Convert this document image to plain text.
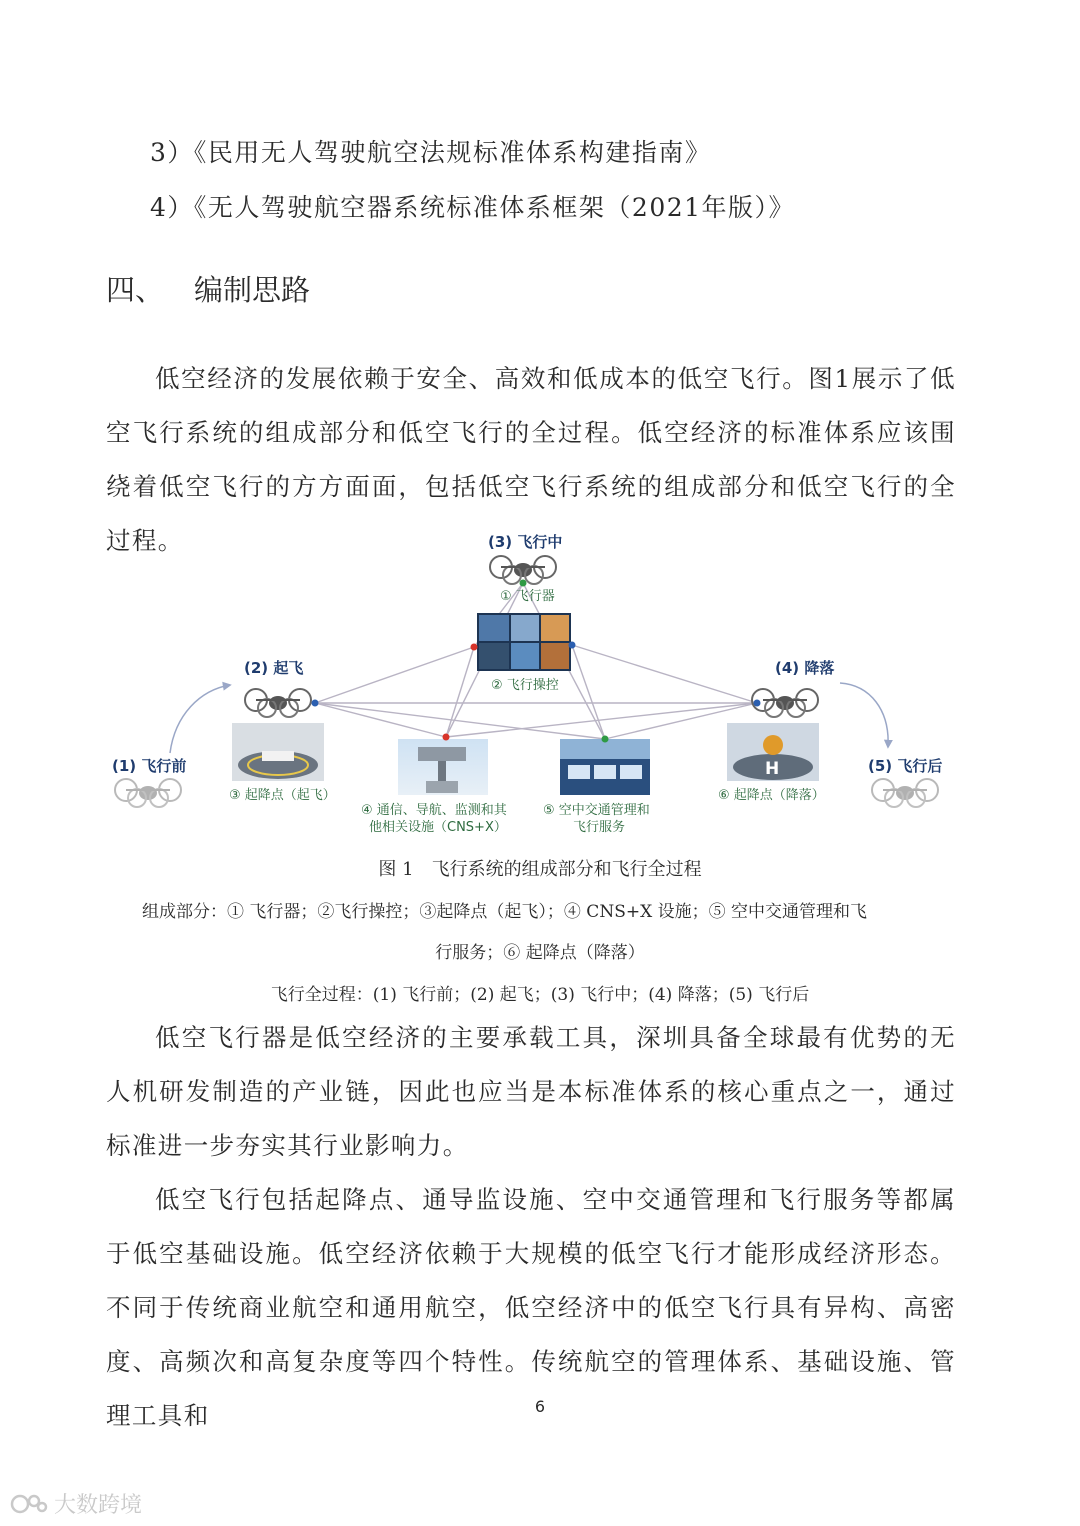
3）《民用无人驾驶航空法规标准体系构建指南》
4）《无人驾驶航空器系统标准体系框架（2021年版）》
四、 编制思路
低空经济的发展依赖于安全、高效和低成本的低空飞行。图1展示了低空飞行系统的组成部分和低空飞行的全过程。低空经济的标准体系应该围绕着低空飞行的方方面面，包括低空飞行系统的组成部分和低空飞行的全过程。	(3) 飞行中
(2) 起飞	(4) 降落
(1) 飞行前	(5) 飞行后
H
① 飞行器
② 飞行操控
③ 起降点（起飞）
④ 通信、导航、监测和其
他相关设施（CNS+X）
⑤ 空中交通管理和
飞行服务
⑥ 起降点（降落）
图 1　飞行系统的组成部分和飞行全过程
组成部分：① 飞行器；②飞行操控；③起降点（起飞）；④ CNS+X 设施；⑤ 空中交通管理和飞
行服务；⑥ 起降点（降落）
飞行全过程：(1) 飞行前；(2) 起飞；(3) 飞行中；(4) 降落；(5) 飞行后
低空飞行器是低空经济的主要承载工具，深圳具备全球最有优势的无人机研发制造的产业链，因此也应当是本标准体系的核心重点之一，通过标准进一步夯实其行业影响力。
低空飞行包括起降点、通导监设施、空中交通管理和飞行服务等都属于低空基础设施。低空经济依赖于大规模的低空飞行才能形成经济形态。不同于传统商业航空和通用航空，低空经济中的低空飞行具有异构、高密度、高频次和高复杂度等四个特性。传统航空的管理体系、基础设施、管理工具和	6
大数跨境
